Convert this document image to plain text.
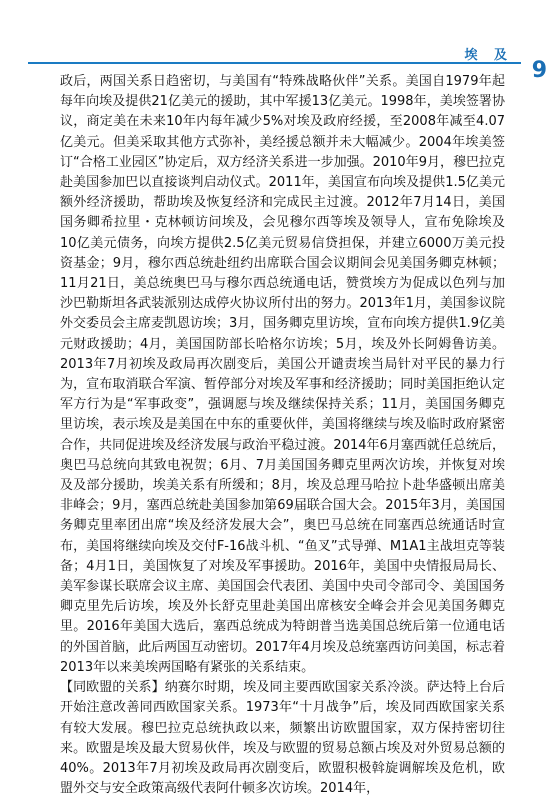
埃 及
9

政后，两国关系日趋密切，与美国有“特殊战略伙伴”关系。美国自1979年起每年向埃及提供21亿美元的援助，其中军援13亿美元。1998年，美埃签署协议，商定美在未来10年内每年减少5%对埃及政府经援，至2008年减至4.07亿美元。但美采取其他方式弥补，美经援总额并未大幅减少。2004年埃美签订“合格工业园区”协定后，双方经济关系进一步加强。2010年9月，穆巴拉克赴美国参加巴以直接谈判启动仪式。2011年，美国宣布向埃及提供1.5亿美元额外经济援助，帮助埃及恢复经济和完成民主过渡。2012年7月14日，美国国务卿希拉里・克林顿访问埃及，会见穆尔西等埃及领导人，宣布免除埃及10亿美元债务，向埃方提供2.5亿美元贸易信贷担保，并建立6000万美元投资基金；9月，穆尔西总统赴纽约出席联合国会议期间会见美国务卿克林顿；11月21日，美总统奥巴马与穆尔西总统通电话，赞赏埃方为促成以色列与加沙巴勒斯坦各武装派别达成停火协议所付出的努力。2013年1月，美国参议院外交委员会主席麦凯恩访埃；3月，国务卿克里访埃，宣布向埃方提供1.9亿美元财政援助；4月，美国国防部长哈格尔访埃；5月，埃及外长阿姆鲁访美。2013年7月初埃及政局再次剧变后，美国公开谴责埃当局针对平民的暴力行为，宣布取消联合军演、暂停部分对埃及军事和经济援助；同时美国拒绝认定军方行为是“军事政变”，强调愿与埃及继续保持关系；11月，美国国务卿克里访埃，表示埃及是美国在中东的重要伙伴，美国将继续与埃及临时政府紧密合作，共同促进埃及经济发展与政治平稳过渡。2014年6月塞西就任总统后，奥巴马总统向其致电祝贺；6月、7月美国国务卿克里两次访埃，并恢复对埃及及部分援助，埃美关系有所缓和；8月，埃及总理马哈拉卜赴华盛顿出席美非峰会；9月，塞西总统赴美国参加第69届联合国大会。2015年3月，美国国务卿克里率团出席“埃及经济发展大会”，奥巴马总统在同塞西总统通话时宣布，美国将继续向埃及交付F-16战斗机、“鱼叉”式导弹、M1A1主战坦克等装备；4月1日，美国恢复了对埃及军事援助。2016年，美国中央情报局局长、美军参谋长联席会议主席、美国国会代表团、美国中央司令部司令、美国国务卿克里先后访埃，埃及外长舒克里赴美国出席核安全峰会并会见美国务卿克里。2016年美国大选后，塞西总统成为特朗普当选美国总统后第一位通电话的外国首脑，此后两国互动密切。2017年4月埃及总统塞西访问美国，标志着2013年以来美埃两国略有紧张的关系结束。

【同欧盟的关系】纳赛尔时期，埃及同主要西欧国家关系冷淡。萨达特上台后开始注意改善同西欧国家关系。1973年“十月战争”后，埃及同西欧国家关系有较大发展。穆巴拉克总统执政以来，频繁出访欧盟国家，双方保持密切往来。欧盟是埃及最大贸易伙伴，埃及与欧盟的贸易总额占埃及对外贸易总额的40%。2013年7月初埃及政局再次剧变后，欧盟积极斡旋调解埃及危机，欧盟外交与安全政策高级代表阿什顿多次访埃。2014年，
